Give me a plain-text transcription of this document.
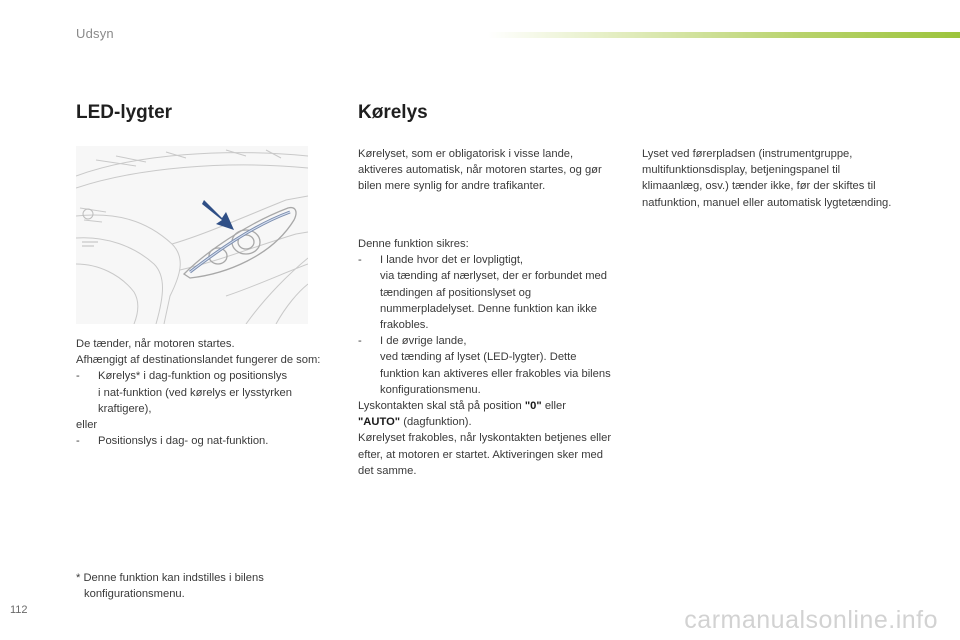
Udsyn
LED-lygter	Kørelys

De tænder, når motoren startes.

Afhængigt af destinationslandet fungerer de som:

- Kørelys* i dag-funktion og positionslys
i nat-funktion (ved kørelys er lysstyrken kraftigere),

eller

- Positionslys i dag- og nat-funktion.

* Denne funktion kan indstilles i bilens

konfigurationsmenu.

Kørelyset, som er obligatorisk i visse lande, aktiveres automatisk, når motoren startes, og gør bilen mere synlig for andre trafikanter.

Denne funktion sikres:

- I lande hvor det er lovpligtigt,

via tænding af nærlyset, der er forbundet med tændingen af positionslyset og nummerpladelyset. Denne funktion kan ikke frakobles.

- I de øvrige lande,

ved tænding af lyset (LED-lygter). Dette funktion kan aktiveres eller frakobles via bilens konfigurationsmenu.

Lyskontakten skal stå på position "0" eller
"AUTO" (dagfunktion).

Kørelyset frakobles, når lyskontakten betjenes eller efter, at motoren er startet. Aktiveringen sker med det samme.

Lyset ved førerpladsen (instrumentgruppe, multifunktionsdisplay, betjeningspanel til klimaanlæg, osv.) tænder ikke, før der skiftes til natfunktion, manuel eller automatisk lygtetænding.

112	carmanualsonline.info
